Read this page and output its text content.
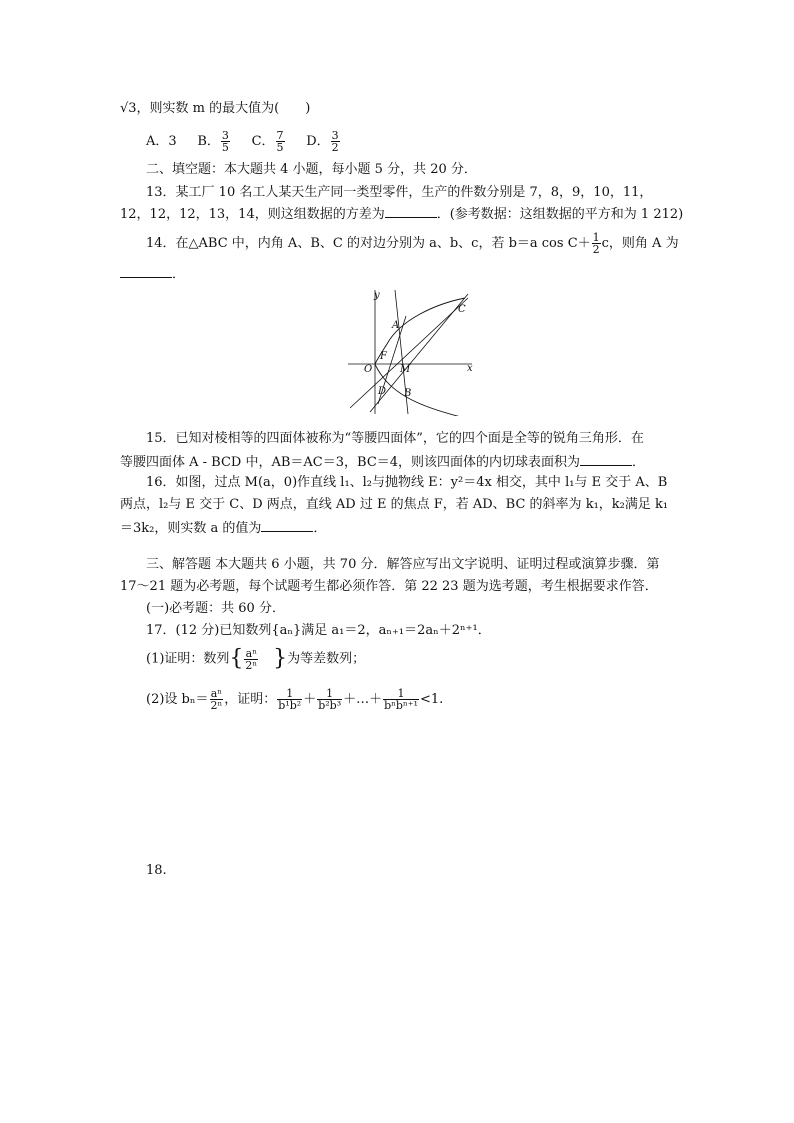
√3，则实数 m 的最大值为(　　)
A．3 B． $\frac{3}{5}$ C． $\frac{7}{5}$ D． $\frac{3}{2}$
二、填空题：本大题共 4 小题，每小题 5 分，共 20 分．
13．某工厂 10 名工人某天生产同一类型零件，生产的件数分别是 7，8，9，10，11，
12，12，12，13，14，则这组数据的方差为	．(参考数据：这组数据的平方和为 1 212)
14．在△ABC 中，内角 A、B、C 的对边分别为 a、b、c，若 b＝a $\cos C+ \frac{1}{2}$ c，则角 A 为
．
y
x
O
A
C
F
M
D B
15．已知对棱相等的四面体被称为“等腰四面体”，它的四个面是全等的锐角三角形．在
等腰四面体 A - BCD 中，AB＝AC＝3，BC＝4，则该四面体的内切球表面积为	．
16．如图，过点 M(a，0)作直线 l₁、l₂与抛物线 E：y²＝4x 相交，其中 l₁与 E 交于 A、B
两点，l₂与 E 交于 C、D 两点，直线 AD 过 E 的焦点 F，若 AD、BC 的斜率为 k₁，k₂满足 k₁
＝3k₂，则实数 a 的值为	．
三、解答题 本大题共 6 小题，共 70 分．解答应写出文字说明、证明过程或演算步骤．第
17～21 题为必考题，每个试题考生都必须作答．第 22 23 题为选考题，考生根据要求作答．
(一)必考题：共 60 分．
17．(12 分)已知数列{aₙ}满足 a₁＝2，aₙ₊₁＝2aₙ＋2ⁿ⁺¹．
(1)证明：数列{ $\frac{\text{aⁿ}}{\text{2ⁿ}}$ }为等差数列；
(2)设 $b_n= \frac{\text{aⁿ}}{\text{2ⁿ}}$ ，证明： $\frac{1}{\text{b¹b²}} + \frac{1}{\text{b²b³}}$ ＋…＋ $\frac{1}{\text{bⁿbⁿ⁺¹}} <1$.
18.
